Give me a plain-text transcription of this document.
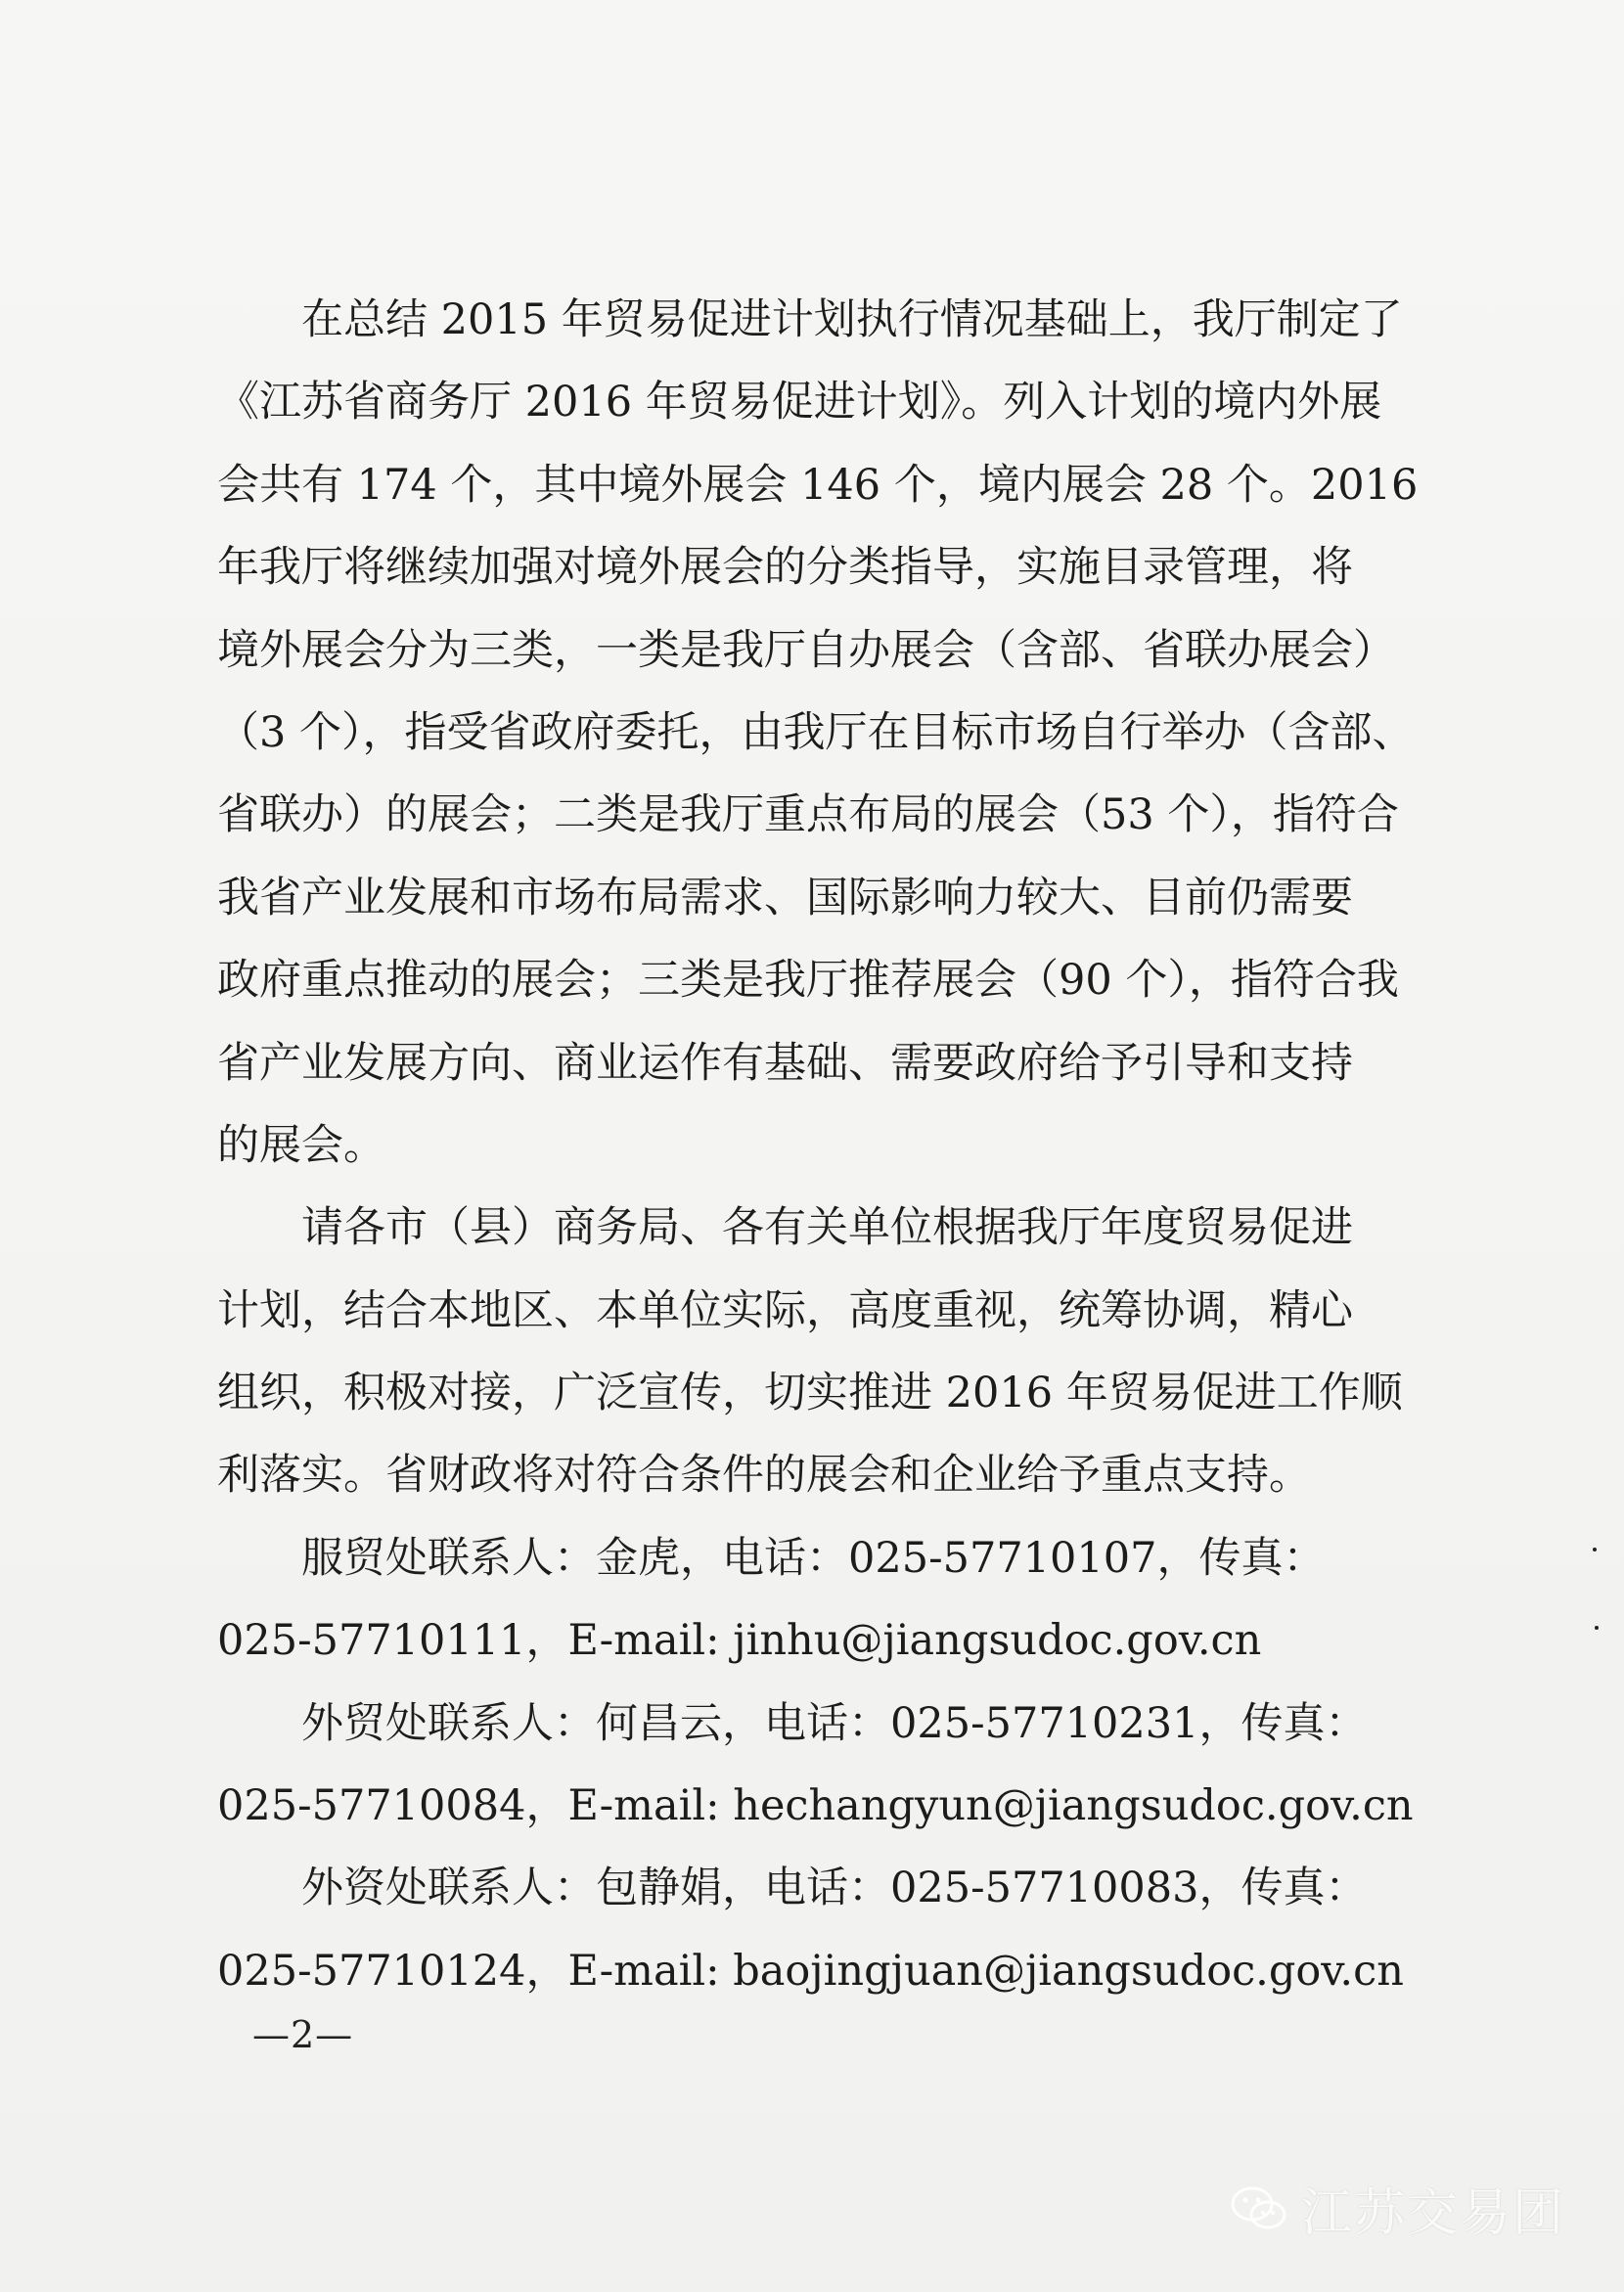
在总结 2015 年贸易促进计划执行情况基础上，我厅制定了
《江苏省商务厅 2016 年贸易促进计划》。列入计划的境内外展
会共有 174 个，其中境外展会 146 个，境内展会 28 个。2016
年我厅将继续加强对境外展会的分类指导，实施目录管理，将
境外展会分为三类，一类是我厅自办展会（含部、省联办展会）
（3 个），指受省政府委托，由我厅在目标市场自行举办（含部、
省联办）的展会；二类是我厅重点布局的展会（53 个），指符合
我省产业发展和市场布局需求、国际影响力较大、目前仍需要
政府重点推动的展会；三类是我厅推荐展会（90 个），指符合我
省产业发展方向、商业运作有基础、需要政府给予引导和支持
的展会。
请各市（县）商务局、各有关单位根据我厅年度贸易促进
计划，结合本地区、本单位实际，高度重视，统筹协调，精心
组织，积极对接，广泛宣传，切实推进 2016 年贸易促进工作顺
利落实。省财政将对符合条件的展会和企业给予重点支持。
服贸处联系人：金虎，电话：025-57710107，传真：
025-57710111，E-mail: jinhu@jiangsudoc.gov.cn
外贸处联系人：何昌云，电话：025-57710231，传真：
025-57710084，E-mail: hechangyun@jiangsudoc.gov.cn
外资处联系人：包静娟，电话：025-57710083，传真：
025-57710124，E-mail: baojingjuan@jiangsudoc.gov.cn
—2—
江苏交易团
